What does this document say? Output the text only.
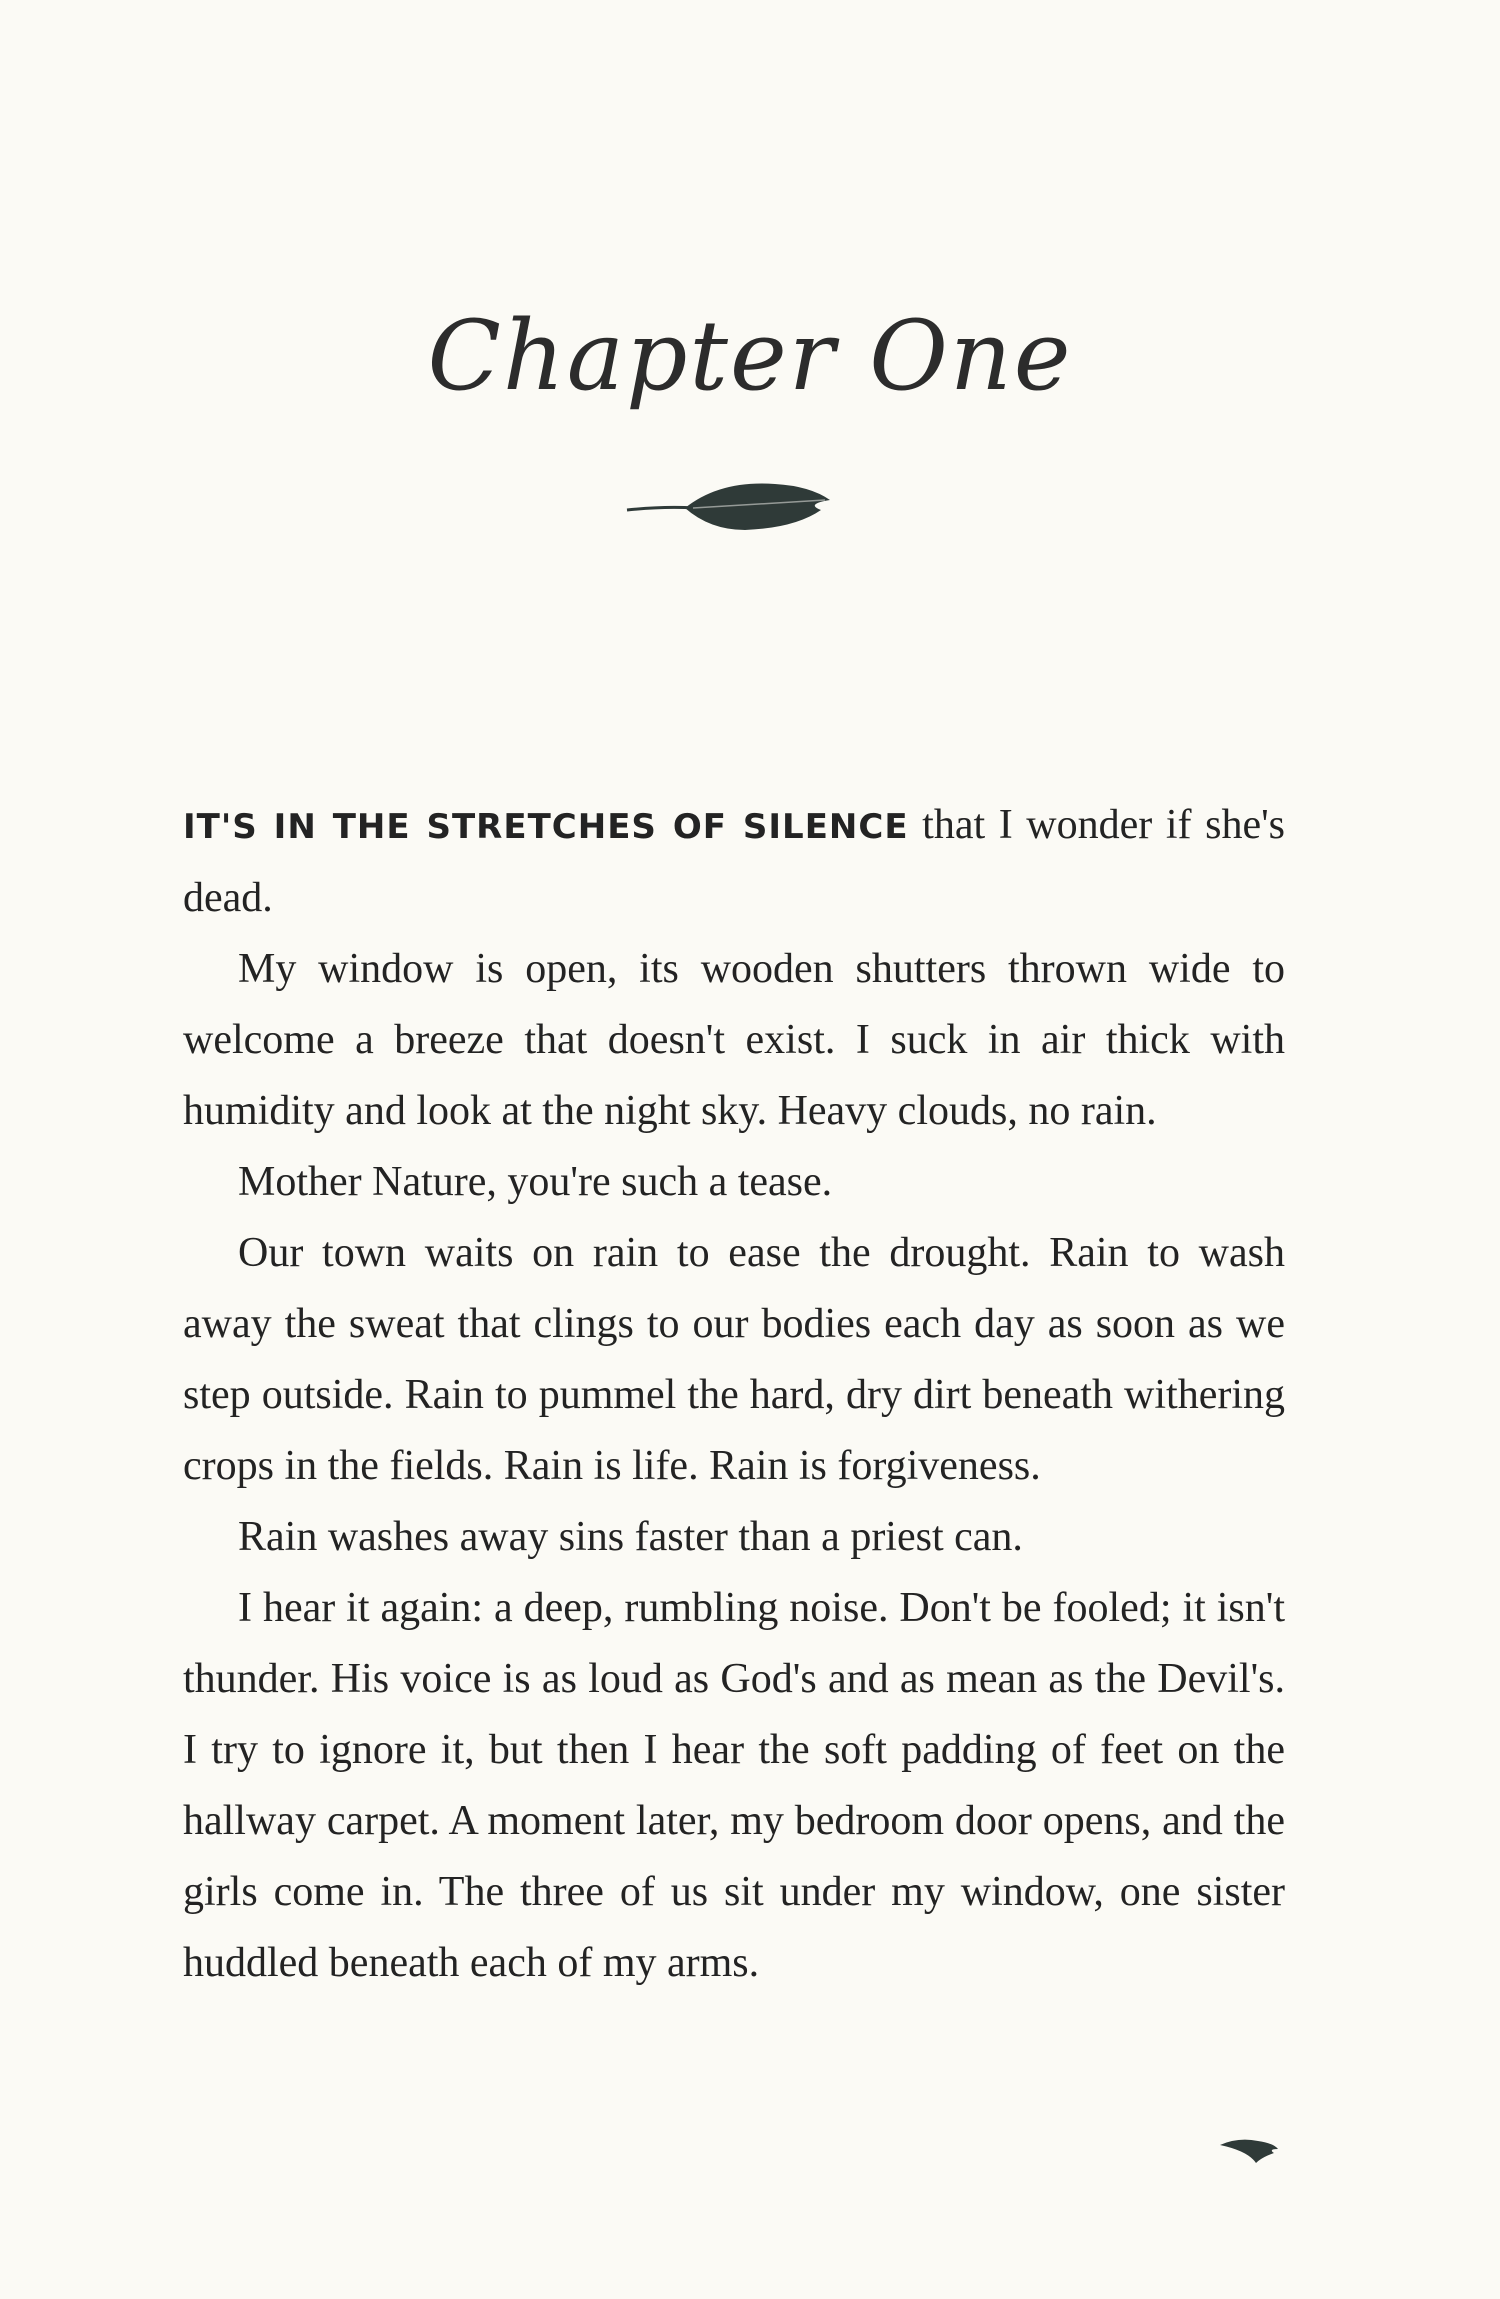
Chapter One

IT'S IN THE STRETCHES OF SILENCE that I wonder if she's dead.

My window is open, its wooden shutters thrown wide to welcome a breeze that doesn't exist. I suck in air thick with humidity and look at the night sky. Heavy clouds, no rain.

Mother Nature, you're such a tease.

Our town waits on rain to ease the drought. Rain to wash away the sweat that clings to our bodies each day as soon as we step outside. Rain to pummel the hard, dry dirt beneath withering crops in the fields. Rain is life. Rain is forgiveness.

Rain washes away sins faster than a priest can.

I hear it again: a deep, rumbling noise. Don't be fooled; it isn't thunder. His voice is as loud as God's and as mean as the Devil's. I try to ignore it, but then I hear the soft padding of feet on the hallway carpet. A moment later, my bedroom door opens, and the girls come in. The three of us sit under my window, one sister huddled beneath each of my arms.
